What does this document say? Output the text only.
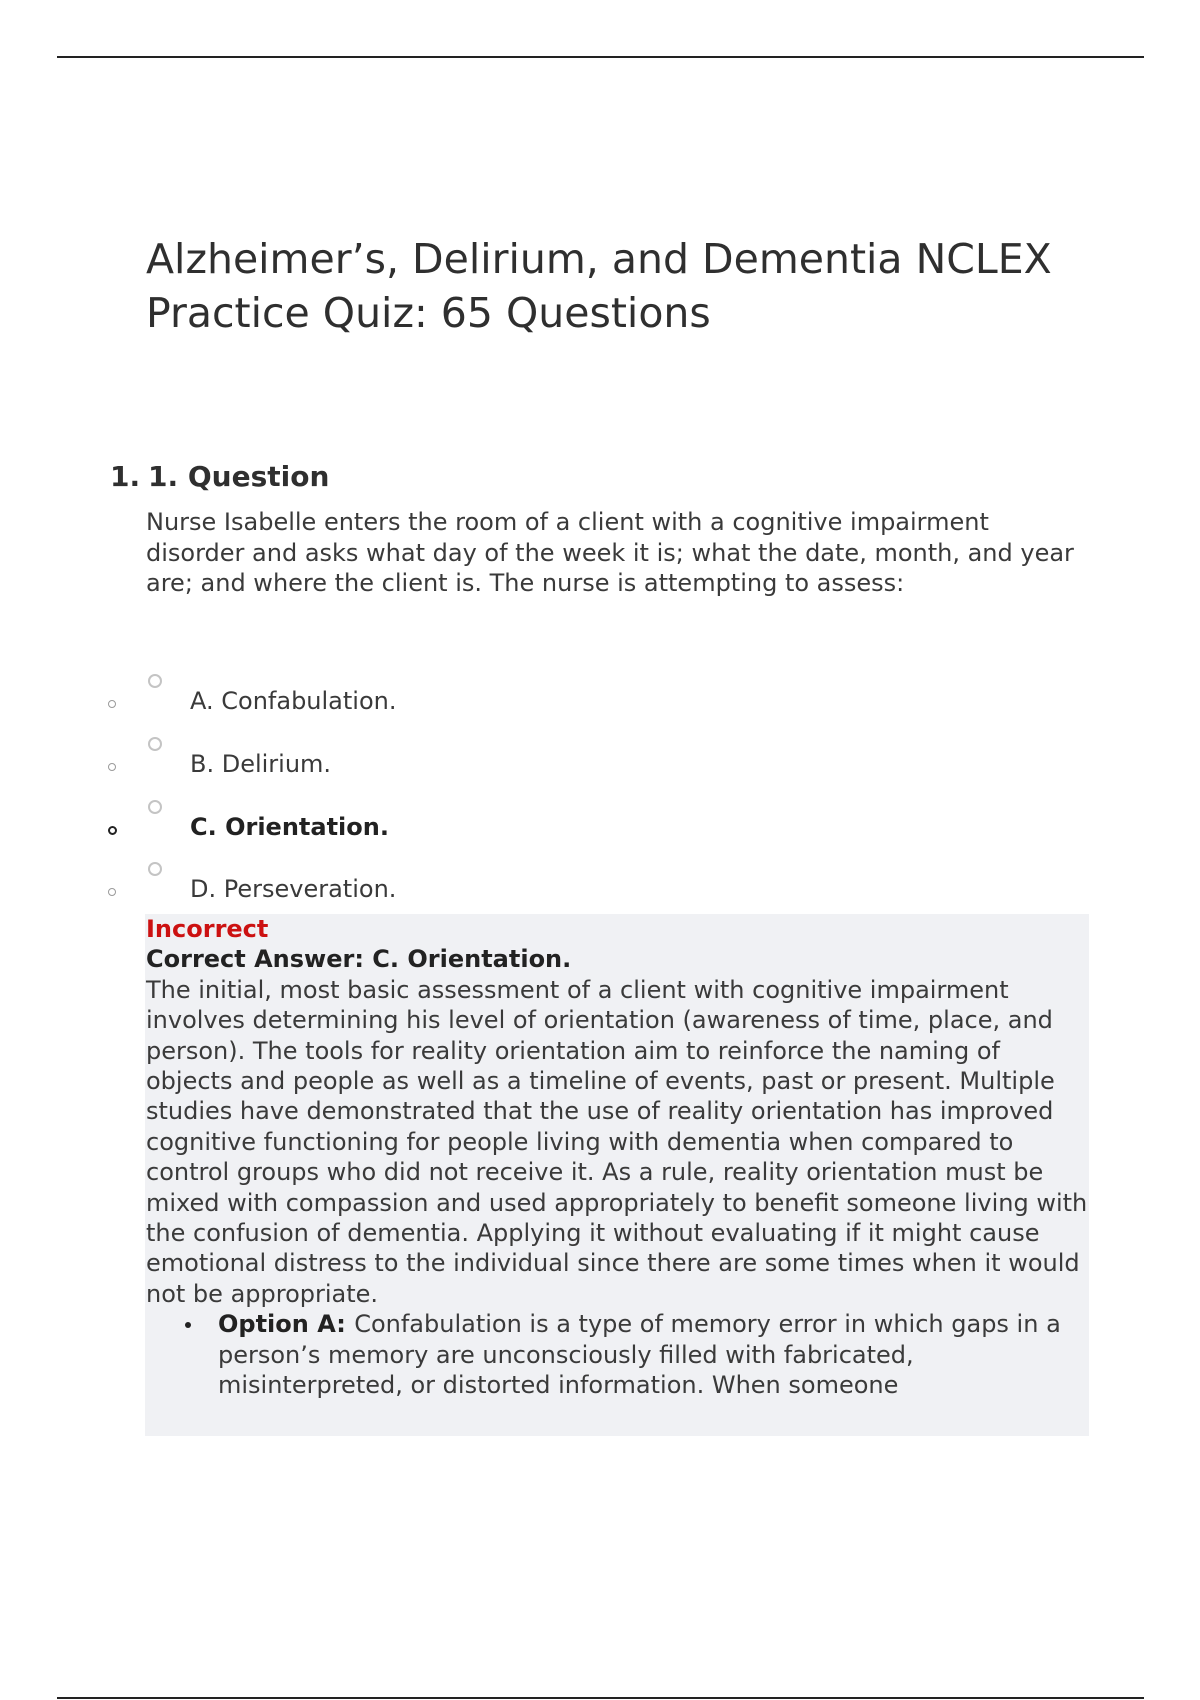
Alzheimer’s, Delirium, and Dementia NCLEX Practice Quiz: 65 Questions
1. 1. Question

Nurse Isabelle enters the room of a client with a cognitive impairment disorder and asks what day of the week it is; what the date, month, and year are; and where the client is. The nurse is attempting to assess:

A. Confabulation.
B. Delirium.
C. Orientation.
D. Perseveration.
Incorrect
Correct Answer: C. Orientation.
The initial, most basic assessment of a client with cognitive impairment involves determining his level of orientation (awareness of time, place, and person). The tools for reality orientation aim to reinforce the naming of objects and people as well as a timeline of events, past or present. Multiple studies have demonstrated that the use of reality orientation has improved cognitive functioning for people living with dementia when compared to control groups who did not receive it. As a rule, reality orientation must be mixed with compassion and used appropriately to benefit someone living with the confusion of dementia. Applying it without evaluating if it might cause emotional distress to the individual since there are some times when it would not be appropriate.
Option A: Confabulation is a type of memory error in which gaps in a person’s memory are unconsciously filled with fabricated, misinterpreted, or distorted information. When someone
